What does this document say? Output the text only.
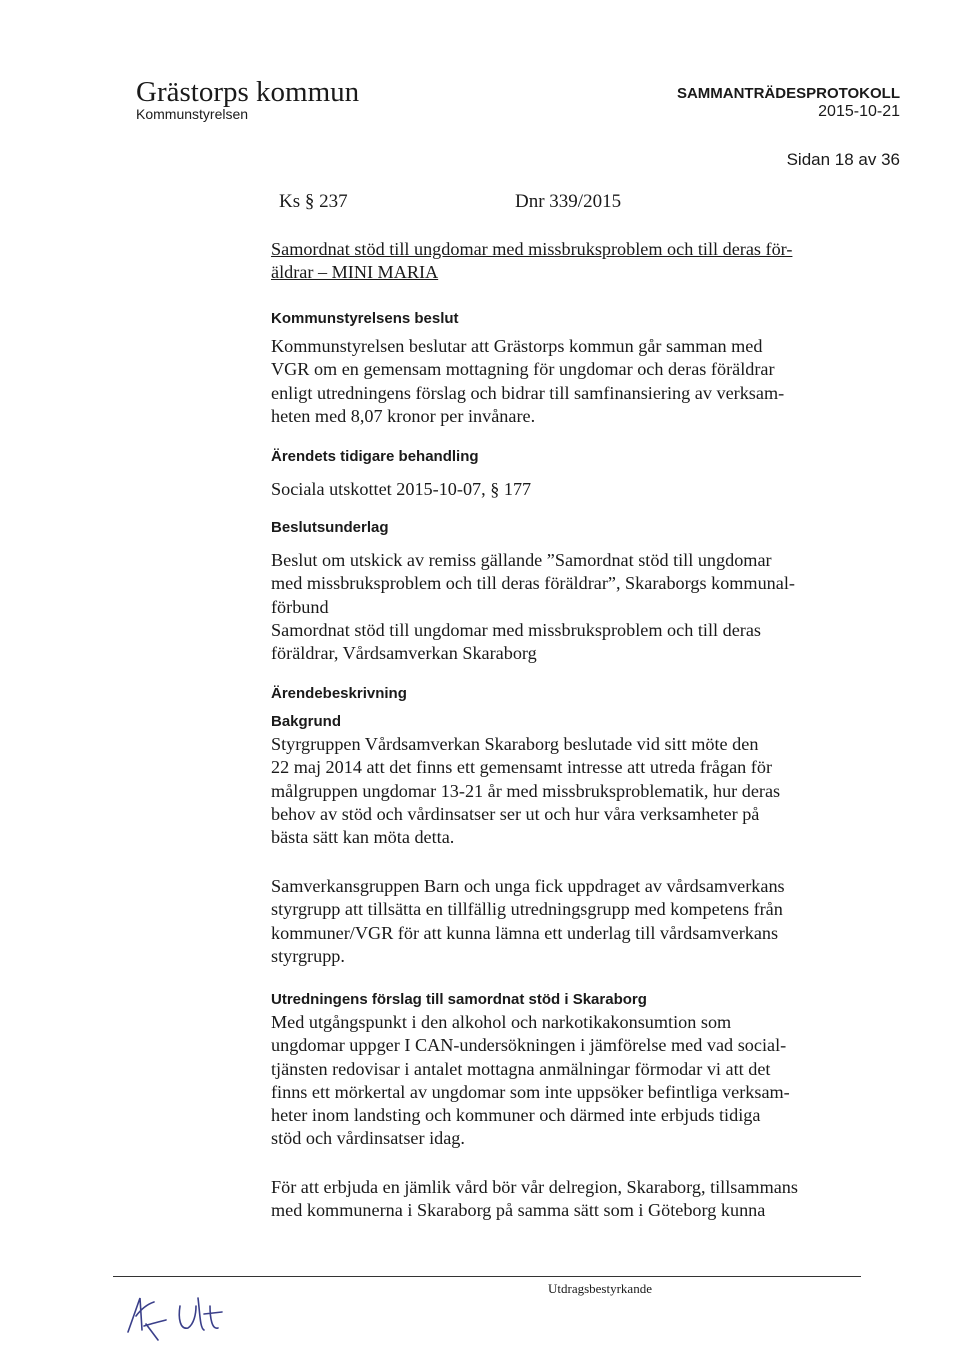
Grästorps kommun
Kommunstyrelsen
SAMMANTRÄDESPROTOKOLL
2015-10-21
Sidan 18 av 36
Ks § 237	Dnr 339/2015
Samordnat stöd till ungdomar med missbruksproblem och till deras för-
äldrar – MINI MARIA
Kommunstyrelsens beslut
Kommunstyrelsen beslutar att Grästorps kommun går samman med
VGR om en gemensam mottagning för ungdomar och deras föräldrar
enligt utredningens förslag och bidrar till samfinansiering av verksam-
heten med 8,07 kronor per invånare.
Ärendets tidigare behandling
Sociala utskottet 2015-10-07, § 177
Beslutsunderlag
Beslut om utskick av remiss gällande ”Samordnat stöd till ungdomar
med missbruksproblem och till deras föräldrar”, Skaraborgs kommunal-
förbund
Samordnat stöd till ungdomar med missbruksproblem och till deras
föräldrar, Vårdsamverkan Skaraborg
Ärendebeskrivning
Bakgrund
Styrgruppen Vårdsamverkan Skaraborg beslutade vid sitt möte den
22 maj 2014 att det finns ett gemensamt intresse att utreda frågan för
målgruppen ungdomar 13-21 år med missbruksproblematik, hur deras
behov av stöd och vårdinsatser ser ut och hur våra verksamheter på
bästa sätt kan möta detta.
Samverkansgruppen Barn och unga fick uppdraget av vårdsamverkans
styrgrupp att tillsätta en tillfällig utredningsgrupp med kompetens från
kommuner/VGR för att kunna lämna ett underlag till vårdsamverkans
styrgrupp.
Utredningens förslag till samordnat stöd i Skaraborg
Med utgångspunkt i den alkohol och narkotikakonsumtion som
ungdomar uppger I CAN-undersökningen i jämförelse med vad social-
tjänsten redovisar i antalet mottagna anmälningar förmodar vi att det
finns ett mörkertal av ungdomar som inte uppsöker befintliga verksam-
heter inom landsting och kommuner och därmed inte erbjuds tidiga
stöd och vårdinsatser idag.
För att erbjuda en jämlik vård bör vår delregion, Skaraborg, tillsammans
med kommunerna i Skaraborg på samma sätt som i Göteborg kunna
Utdragsbestyrkande
